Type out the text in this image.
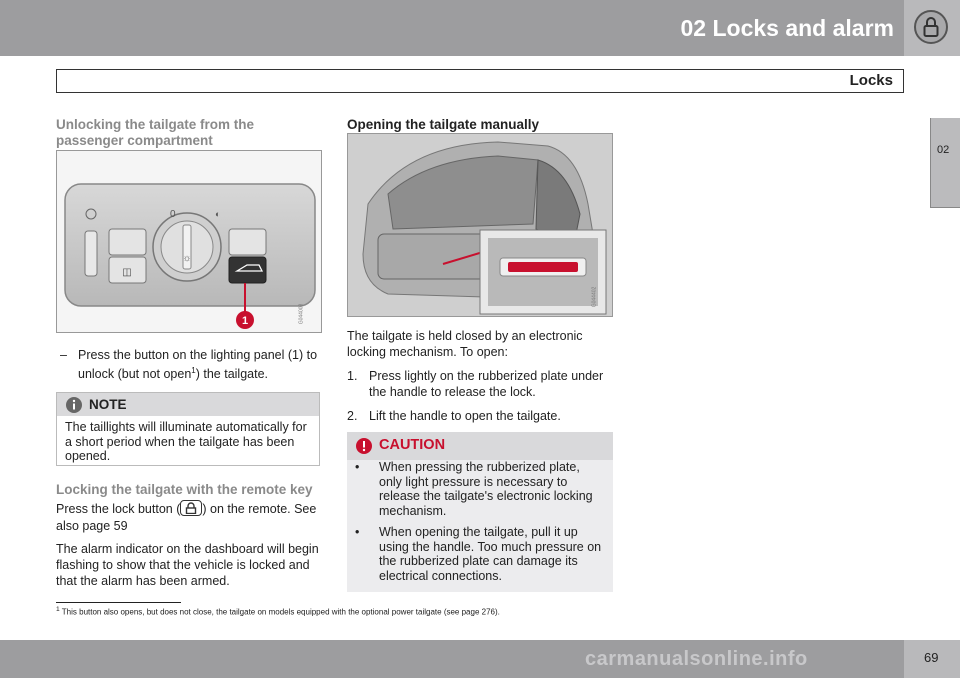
02 Locks and alarm
Locks
02

Unlocking the tailgate from the passenger compartment

◫
0
☼
◐
1	G044003
– Press the button on the lighting panel (1) to unlock (but not open$^1$) the tailgate.
NOTE
The taillights will illuminate automatically for a short period when the tailgate has been opened.

Locking the tailgate with the remote key

Press the lock button ( ) on the remote. See also page 59
The alarm indicator on the dashboard will begin flashing to show that the vehicle is locked and that the alarm has been armed.

Opening the tailgate manually

G044402
The tailgate is held closed by an electronic locking mechanism. To open:
1. Press lightly on the rubberized plate under the handle to release the lock.
2. Lift the handle to open the tailgate.
CAUTION
• When pressing the rubberized plate, only light pressure is necessary to release the tailgate's electronic locking mechanism.
• When opening the tailgate, pull it up using the handle. Too much pressure on the rubberized plate can damage its electrical connections.
$^1$ This button also opens, but does not close, the tailgate on models equipped with the optional power tailgate (see page 276).
carmanualsonline.info	69
